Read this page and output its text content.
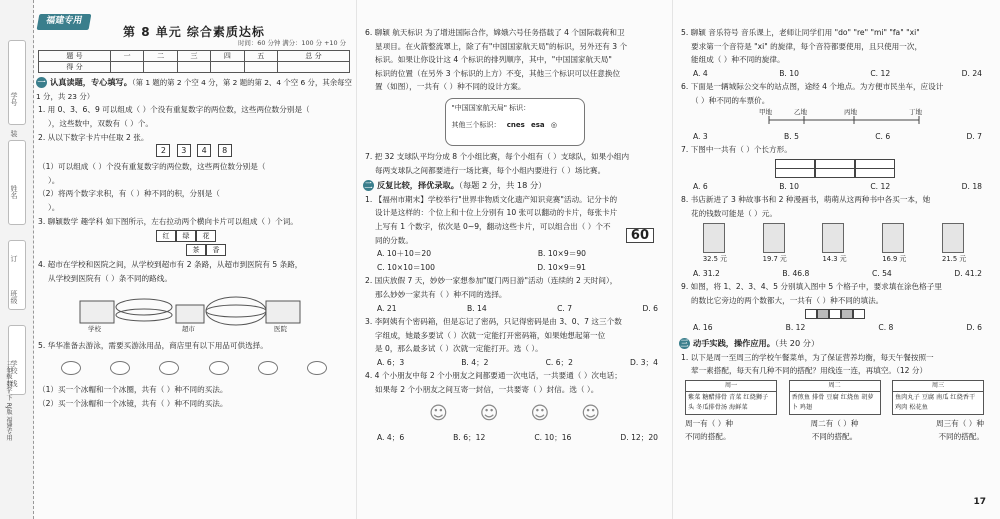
学号
姓名
班级
学校
装
订
线
三年级 数学 下 RJ版 福建专用
福建专用
第 8 单元 综合素质达标
时间：60 分钟 满分：100 分 +10 分
题 号	一	二	三	四	五	总 分
得 分						
一 认真读题，专心填写。（第 1 题的第 2 个空 4 分，第 2 题的第 2、4 个空 6 分，其余每空 1 分，共 23 分）

1. 用 0、3、6、9 可以组成（ ）个没有重复数字的两位数，这些两位数分别是（

），这些数中，双数有（ ）个。

2. 从以下数字卡片中任取 2 张。

2 3 4 8

（1）可以组成（ ）个没有重复数字的两位数，这些两位数分别是（

）。

（2）将两个数字求积，有（ ）种不同的积，分别是（

）。

3. 聊颖数学 趣学科 如下图所示，左右拉动两个横向卡片可以组成（ ）个词。

红	绿	花
茶	香

4. 超市在学校和医院之间，从学校到超市有 2 条路，从超市到医院有 5 条路，

从学校到医院有（ ）条不同的路线。

学校	超市	医院

5. 华华准备去游泳，需要买游泳用品，商店里有以下用品可供选择。

（1）买一个冰帽和一个冰圈，共有（ ）种不同的买法。

（2）买一个泳帽和一个冰镜，共有（ ）种不同的买法。

6. 聊颖 航天标识 为了增进国际合作，嫦娥六号任务搭载了 4 个国际载荷和卫

星项目。在火箭整流罩上，除了有"中国国家航天局"的标识，另外还有 3 个

标识。如果让你设计这 4 个标识的排列顺序，其中，"中国国家航天局"

标识的位置（在另外 3 个标识的上方）不变，其他三个标识可以任意换位

置（如图），一共有（ ）种不同的设计方案。

"中国国家航天局" 标识：
其他三个标识： cnes esa ◎

7. 把 32 支球队平均分成 8 个小组比赛，每个小组有（ ）支球队，如果小组内

每两支球队之间都要进行一场比赛，每个小组内要进行（ ）场比赛。

二 反复比较，择优录取。（每题 2 分，共 18 分）

1. 【福州市期末】学校举行"世界非物质文化遗产知识竞赛"活动。记分卡的

设计是这样的：个位上和十位上分别有 10 张可以翻动的卡片，每张卡片

上写有 1 个数字，依次是 0~9，翻动这些卡片，可以组合出（ ）个不

同的分数。	60

A. 10＋10＝20	B. 10×9＝90
C. 10×10＝100	D. 10×9＝91

2. 国庆放假 7 天，妙妙一家想参加"厦门两日游"活动（连续的 2 天时间），

那么妙妙一家共有（ ）种不同的选择。

A. 21	B. 14	C. 7	D. 6

3. 李阿姨有个密码箱，但是忘记了密码，只记得密码是由 3、0、7 这三个数

字组成，她最多要试（ ）次就一定能打开密码箱，如果她想起第一位

是 0，那么最多试（ ）次就一定能打开。选（ ）。

A. 6；3	B. 4；2	C. 6；2	D. 3；4

4. 4 个小朋友中每 2 个小朋友之间都要通一次电话，一共要通（ ）次电话；

如果每 2 个小朋友之间互寄一封信，一共要寄（ ）封信。选（ ）。

☺ ☺ ☺ ☺
A. 4；6	B. 6；12	C. 10；16	D. 12；20

5. 聊颖 音乐符号 音乐课上，老师让同学们用 "do" "re" "mi" "fa" "xi"

要求第一个音符是 "xi" 的旋律，每个音符都要使用，且只使用一次，

能组成（ ）种不同的旋律。

A. 4	B. 10	C. 12	D. 24

6. 下面是一辆城际公交车的站点图，途经 4 个地点。为方便市民坐车，应设计

（ ）种不同的车票价。

甲地	乙地	丙地	丁地
A. 3	B. 5	C. 6	D. 7

7. 下图中一共有（ ）个长方形。

A. 6	B. 10	C. 12	D. 18

8. 书店新进了 3 种故事书和 2 种漫画书，萌萌从这两种书中各买一本，她

花的钱数可能是（ ）元。

32.5 元	19.7 元	14.3 元	16.9 元	21.5 元
A. 31.2	B. 46.8	C. 54	D. 41.2

9. 如图，将 1、2、3、4、5 分别填入图中 5 个格子中，要求填在涂色格子里

的数比它旁边的两个数都大，一共有（ ）种不同的填法。

A. 16	B. 12	C. 8	D. 6
三 动手实践，操作应用。（共 20 分）

1. 以下是周一至周三的学校午餐菜单，为了保证营养均衡，每天午餐按照一

荤一素搭配，每天有几种不同的搭配？用线连一连，再填空。（12 分）

周一
紫菜 糖醋排骨 青菜 红烧狮子头 冬瓜排骨汤 海鲜菜
周二
香煎鱼 排骨 豆腐 红烧鱼 胡萝卜 鸡翅
周三
鱼肉丸子 豆腐 南瓜 红烧香干 鸡肉 松花鱼
周一有（ ）种	周二有（ ）种	周三有（ ）种
不同的搭配。	不同的搭配。	不同的搭配。
17
